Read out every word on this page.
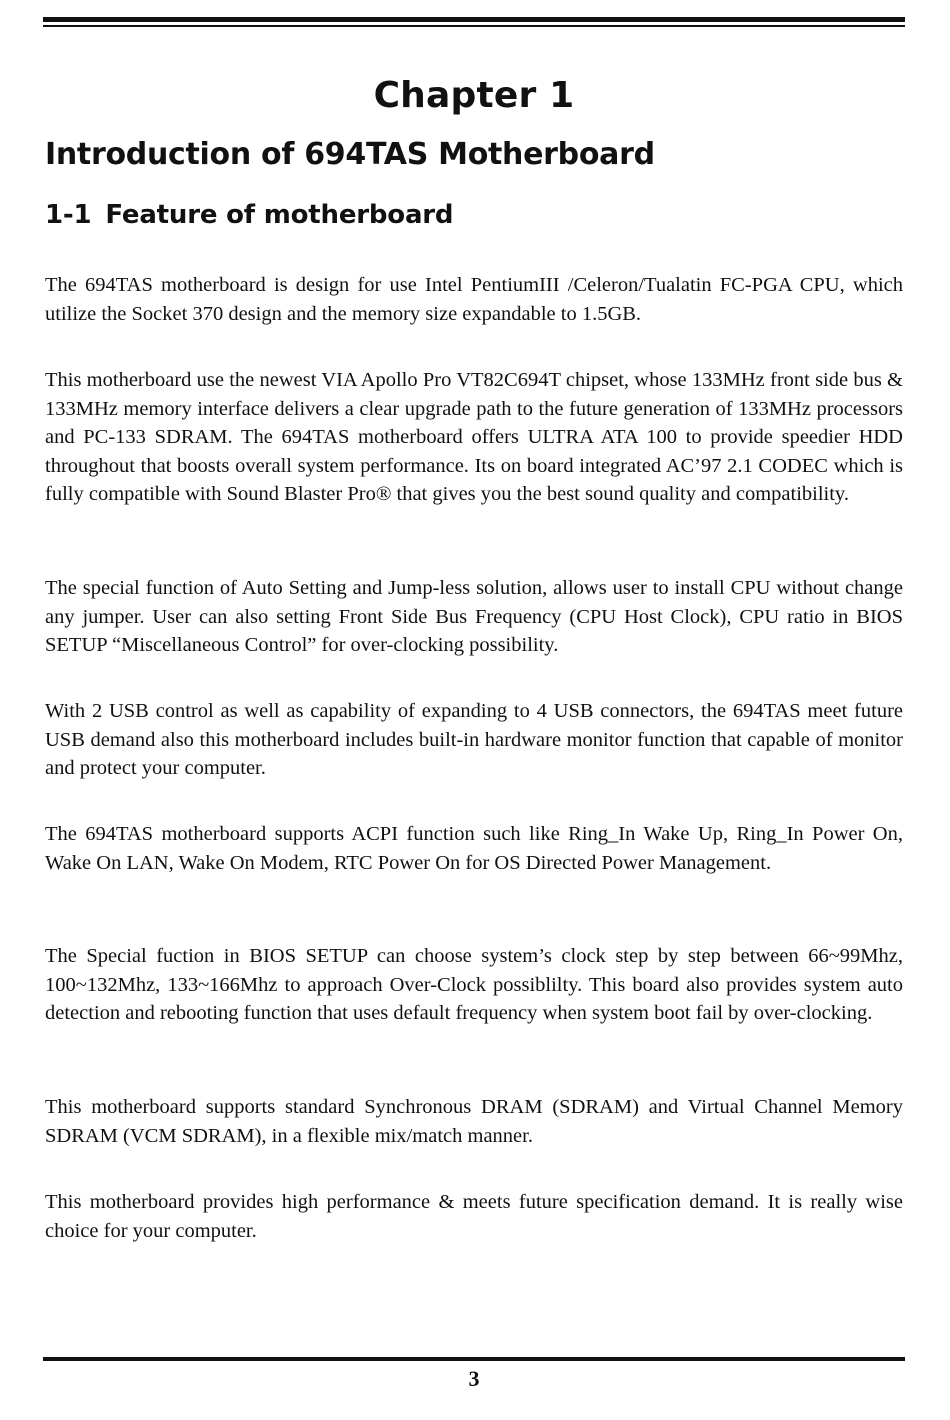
Chapter 1
Introduction of 694TAS Motherboard
1-1 Feature of motherboard

The 694TAS motherboard is design for use Intel PentiumIII /Celeron/Tualatin FC-PGA CPU, which utilize the Socket 370 design and the memory size expandable to 1.5GB.

This motherboard use the newest VIA Apollo Pro VT82C694T chipset, whose 133MHz front side bus & 133MHz memory interface delivers a clear upgrade path to the future generation of 133MHz processors and PC-133 SDRAM. The 694TAS motherboard offers ULTRA ATA 100 to provide speedier HDD throughout that boosts overall system performance. Its on board integrated AC’97 2.1 CODEC which is fully compatible with Sound Blaster Pro® that gives you the best sound quality and compatibility.

The special function of Auto Setting and Jump-less solution, allows user to install CPU without change any jumper. User can also setting Front Side Bus Frequency (CPU Host Clock), CPU ratio in BIOS SETUP “Miscellaneous Control” for over-clocking possibility.

With 2 USB control as well as capability of expanding to 4 USB connectors, the 694TAS meet future USB demand also this motherboard includes built-in hardware monitor function that capable of monitor and protect your computer.

The 694TAS motherboard supports ACPI function such like Ring_In Wake Up, Ring_In Power On, Wake On LAN, Wake On Modem, RTC Power On for OS Directed Power Management.

The Special fuction in BIOS SETUP can choose system’s clock step by step between 66~99Mhz, 100~132Mhz, 133~166Mhz to approach Over-Clock possiblilty. This board also provides system auto detection and rebooting function that uses default frequency when system boot fail by over-clocking.

This motherboard supports standard Synchronous DRAM (SDRAM) and Virtual Channel Memory SDRAM (VCM SDRAM), in a flexible mix/match manner.

This motherboard provides high performance & meets future specification demand. It is really wise choice for your computer.

3
